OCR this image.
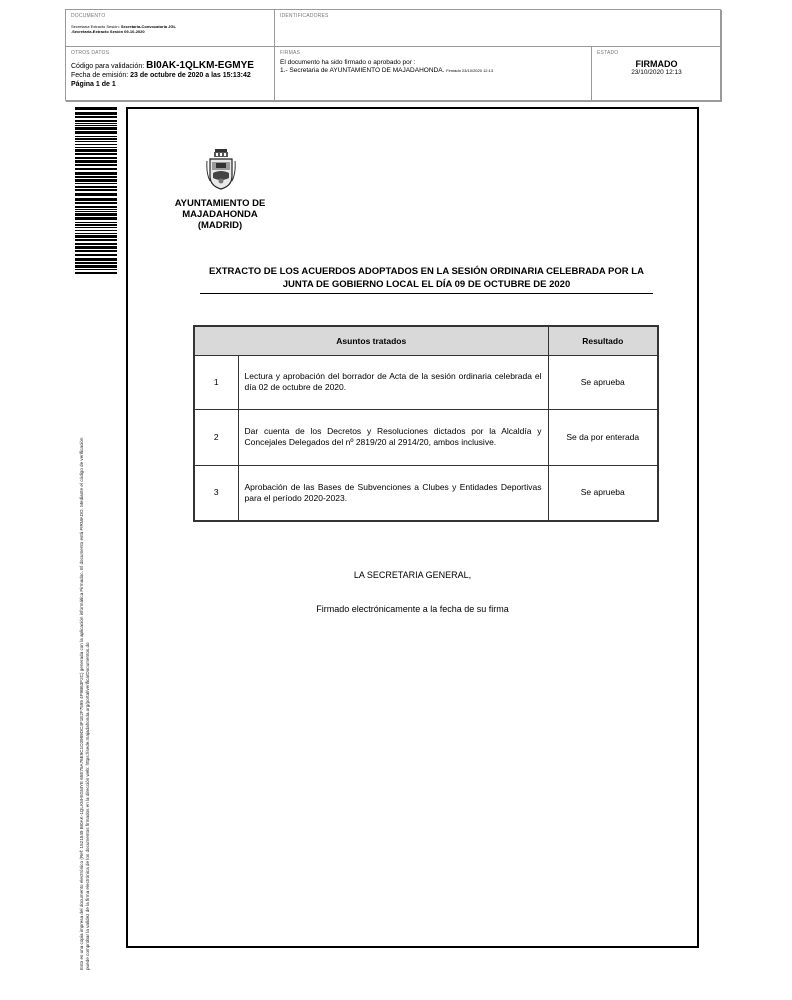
DOCUMENTO
Secretaría Extracto Sesión: Secretaria-Convocatoria JGL
.Secretaría-Extracto Sesión 09-10-2020
IDENTIFICADORES
OTROS DATOS
Código para validación: BI0AK-1QLKM-EGMYE
Fecha de emisión: 23 de octubre de 2020 a las 15:13:42
Página 1 de 1
FIRMAS
El documento ha sido firmado o aprobado por :
1.- Secretaria de AYUNTAMIENTO DE MAJADAHONDA. Firmado 23/10/2020 12:13
ESTADO
FIRMADO
23/10/2020 12:13
Esto es una copia impresa del documento electrónico (Ref: 1521549 BI0AK-1QLKM-EGMYE 65E75A76E9C1C0989DC4F1E2F7595 4F9B63F2C) generada con la aplicación informática Firmadoc. El documento está FIRMADO. Mediante el código de verificación puede comprobar la validez de la firma electrónica de los documentos firmados en la dirección web: https://sede.majadahonda.org/portal/verificarDocumentos.do
AYUNTAMIENTO DE
MAJADAHONDA
(MADRID)
EXTRACTO DE LOS ACUERDOS ADOPTADOS EN LA SESIÓN ORDINARIA CELEBRADA POR LA
JUNTA DE GOBIERNO LOCAL EL DÍA 09 DE OCTUBRE DE 2020
Asuntos tratados		Resultado
1	Lectura y aprobación del borrador de Acta de la sesión ordinaria celebrada el día 02 de octubre de 2020.	Se aprueba
2	Dar cuenta de los Decretos y Resoluciones dictados por la Alcaldía y Concejales Delegados del nº 2819/20 al 2914/20, ambos inclusive.	Se da por enterada
3	Aprobación de las Bases de Subvenciones a Clubes y Entidades Deportivas para el período 2020-2023.	Se aprueba
LA SECRETARIA GENERAL,
Firmado electrónicamente a la fecha de su firma
